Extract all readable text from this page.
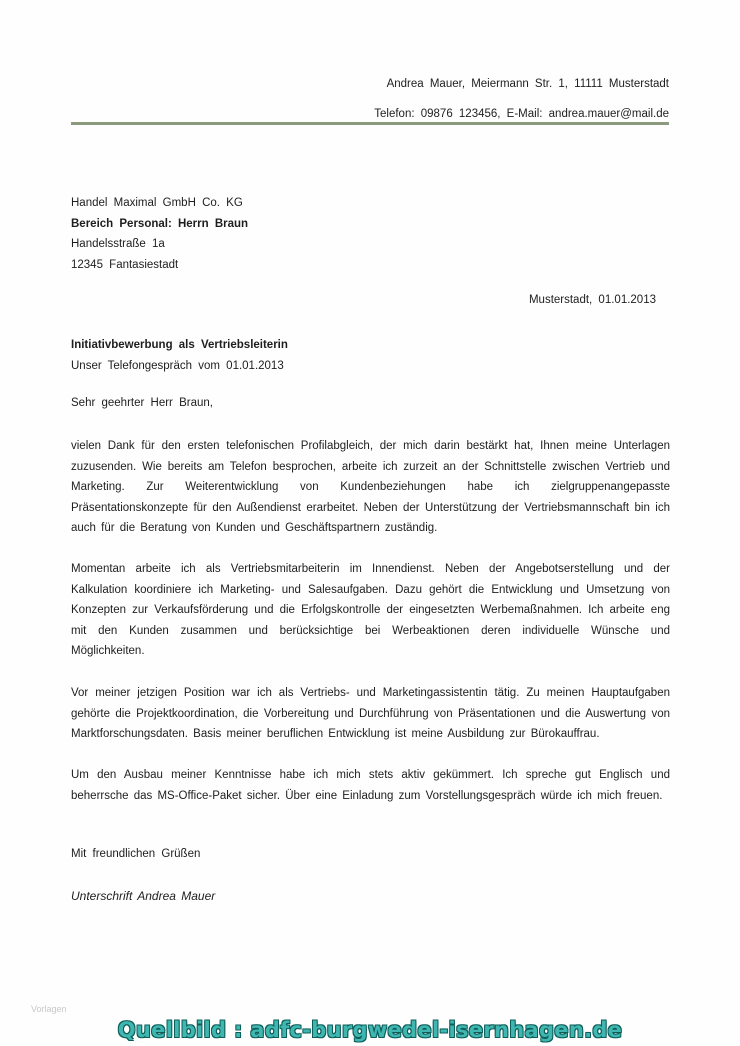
Andrea Mauer, Meiermann Str. 1, 11111 Musterstadt
Telefon: 09876 123456, E-Mail: andrea.mauer@mail.de
Handel Maximal GmbH Co. KG
Bereich Personal: Herrn Braun
Handelsstraße 1a
12345 Fantasiestadt
Musterstadt, 01.01.2013
Initiativbewerbung als Vertriebsleiterin
Unser Telefongespräch vom 01.01.2013
Sehr geehrter Herr Braun,
vielen Dank für den ersten telefonischen Profilabgleich, der mich darin bestärkt hat, Ihnen meine Unterlagen zuzusenden. Wie bereits am Telefon besprochen, arbeite ich zurzeit an der Schnittstelle zwischen Vertrieb und Marketing. Zur Weiterentwicklung von Kundenbeziehungen habe ich zielgruppenangepasste Präsentationskonzepte für den Außendienst erarbeitet. Neben der Unterstützung der Vertriebsmannschaft bin ich auch für die Beratung von Kunden und Geschäftspartnern zuständig.
Momentan arbeite ich als Vertriebsmitarbeiterin im Innendienst. Neben der Angebotserstellung und der Kalkulation koordiniere ich Marketing- und Salesaufgaben. Dazu gehört die Entwicklung und Umsetzung von Konzepten zur Verkaufsförderung und die Erfolgskontrolle der eingesetzten Werbemaßnahmen. Ich arbeite eng mit den Kunden zusammen und berücksichtige bei Werbeaktionen deren individuelle Wünsche und Möglichkeiten.
Vor meiner jetzigen Position war ich als Vertriebs- und Marketingassistentin tätig. Zu meinen Hauptaufgaben gehörte die Projektkoordination, die Vorbereitung und Durchführung von Präsentationen und die Auswertung von Marktforschungsdaten. Basis meiner beruflichen Entwicklung ist meine Ausbildung zur Bürokauffrau.
Um den Ausbau meiner Kenntnisse habe ich mich stets aktiv gekümmert. Ich spreche gut Englisch und beherrsche das MS-Office-Paket sicher. Über eine Einladung zum Vorstellungsgespräch würde ich mich freuen.
Mit freundlichen Grüßen
Unterschrift Andrea Mauer
Vorlagen
Quellbild : adfc-burgwedel-isernhagen.de
